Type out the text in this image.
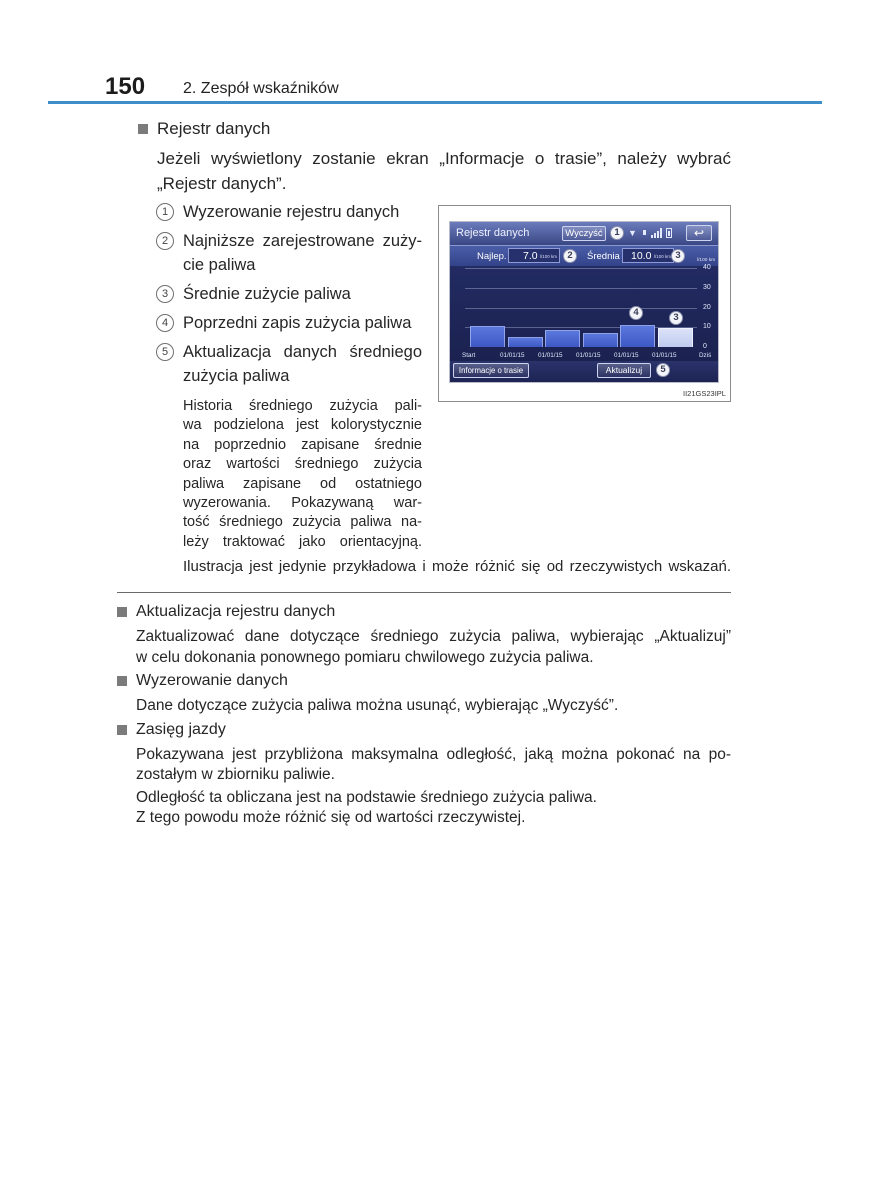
150 2. Zespół wskaźników
Rejestr danych
Jeżeli wyświetlony zostanie ekran „Informacje o trasie”, należy wybrać
„Rejestr danych”.
1 Wyzerowanie rejestru danych
2 Najniższe zarejestrowane zuży-
cie paliwa
3 Średnie zużycie paliwa
4 Poprzedni zapis zużycia paliwa
5 Aktualizacja danych średniego
zużycia paliwa
Historia średniego zużycia pali-
wa podzielona jest kolorystycznie
na poprzednio zapisane średnie
oraz wartości średniego zużycia
paliwa zapisane od ostatniego
wyzerowania. Pokazywaną war-
tość średniego zużycia paliwa na-
leży traktować jako orientacyjną.
Ilustracja jest jedynie przykładowa i może różnić się od rzeczywistych wskazań.
Rejestr danych	Wyczyść	1 ▼	↩
Najlep. 7.0 l/100 km	2	Średnia 10.0 l/100 km 3	l/100 km
40
30
20
10
0
Start	01/01/15 01/01/15 01/01/15 01/01/15 01/01/15	Dziś
4	3
Informacje o trasie	Aktualizuj	5
II21GS23IPL
Aktualizacja rejestru danych
Zaktualizować dane dotyczące średniego zużycia paliwa, wybierając „Aktualizuj”
w celu dokonania ponownego pomiaru chwilowego zużycia paliwa.
Wyzerowanie danych
Dane dotyczące zużycia paliwa można usunąć, wybierając „Wyczyść”.
Zasięg jazdy
Pokazywana jest przybliżona maksymalna odległość, jaką można pokonać na po-
zostałym w zbiorniku paliwie.
Odległość ta obliczana jest na podstawie średniego zużycia paliwa.
Z tego powodu może różnić się od wartości rzeczywistej.
